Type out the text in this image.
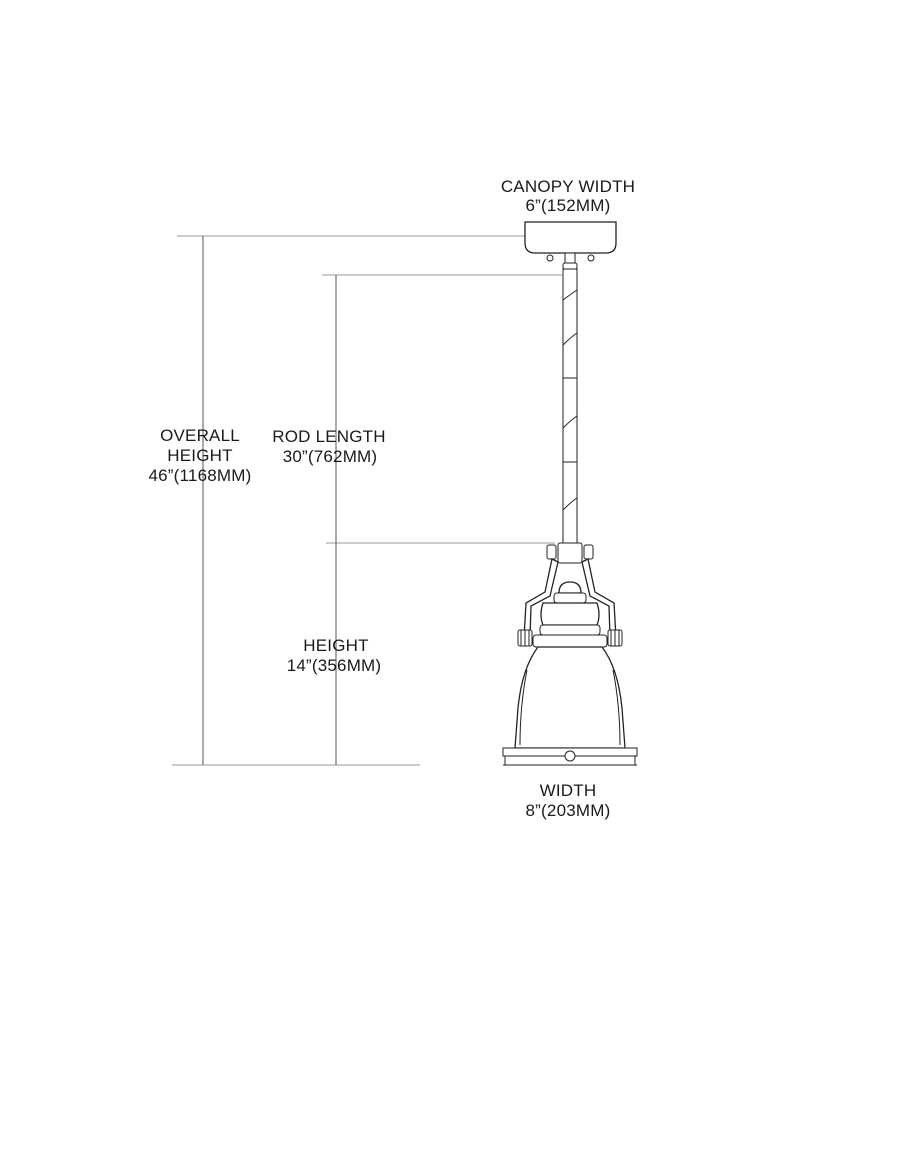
CANOPY WIDTH
6”(152MM)
OVERALL
HEIGHT
46”(1168MM)
ROD LENGTH
30”(762MM)
HEIGHT
14”(356MM)
WIDTH
8”(203MM)
